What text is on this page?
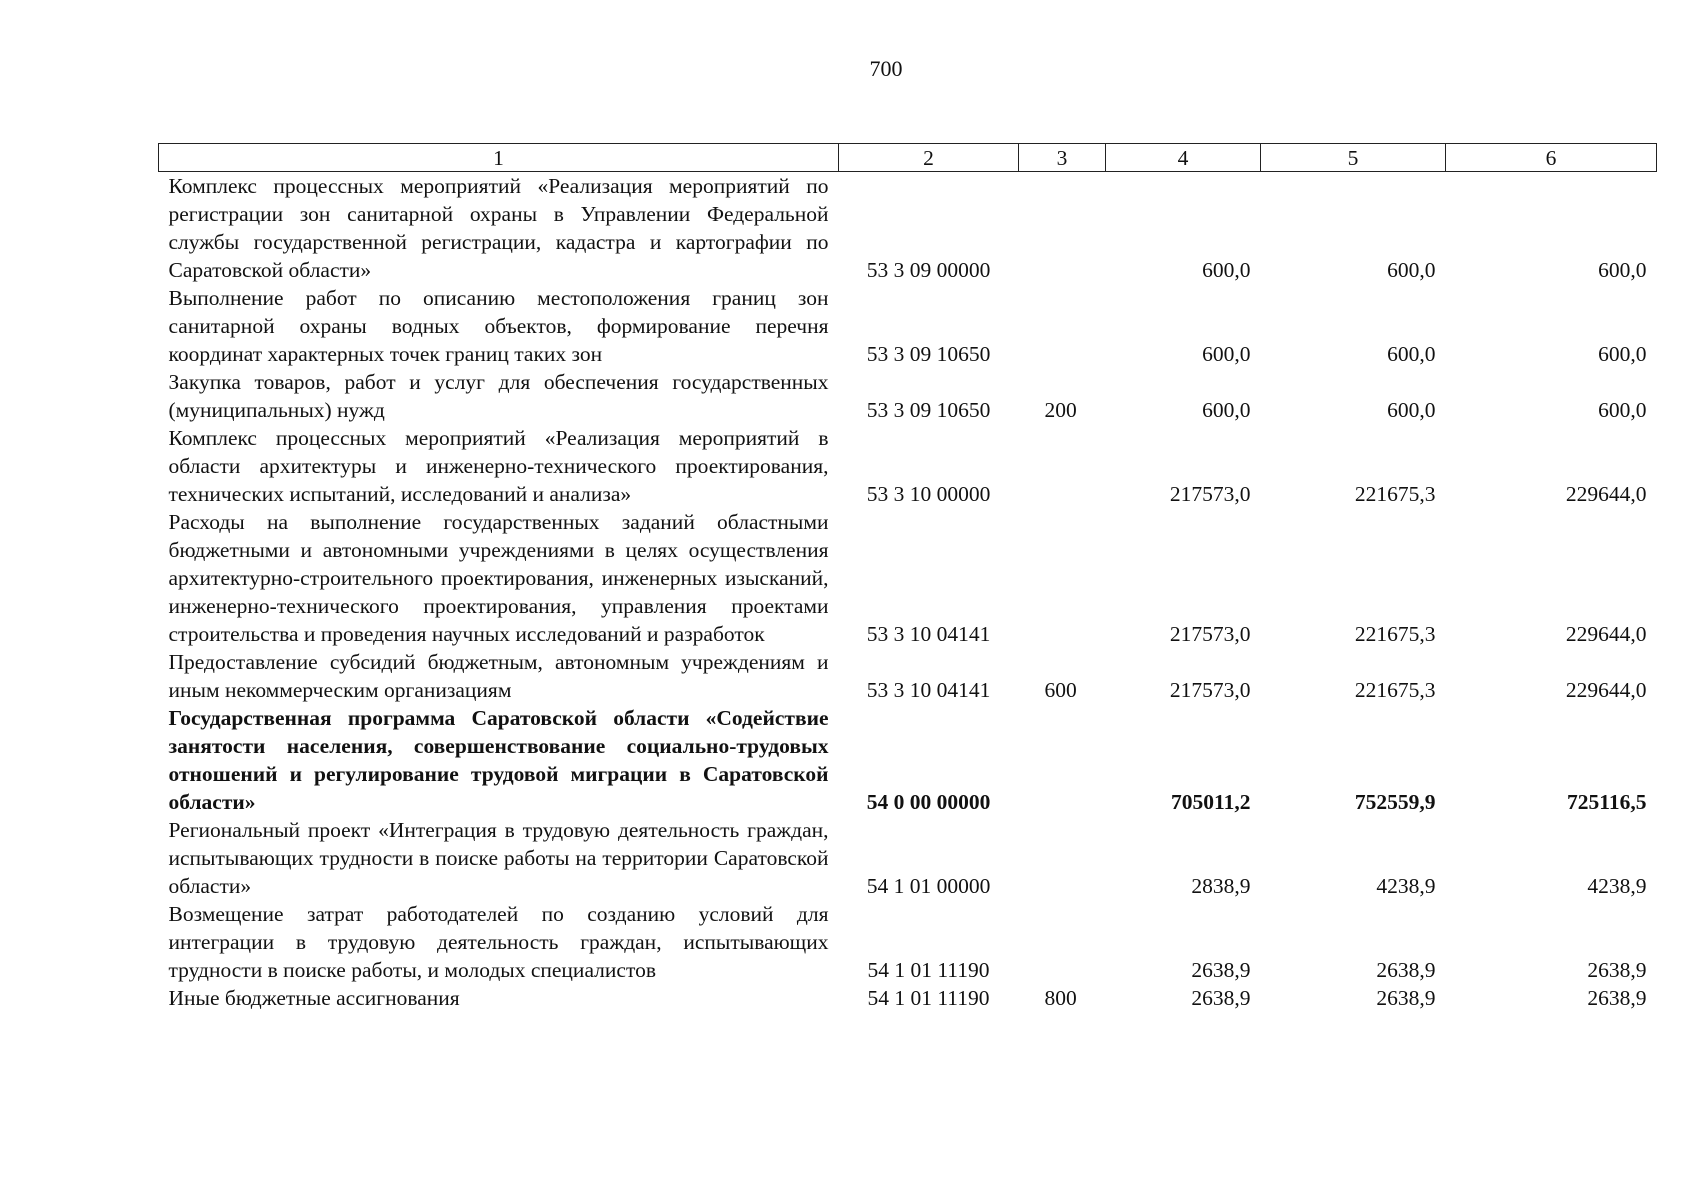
700
1	2	3	4	5	6
Комплекс процессных мероприятий «Реализация мероприятий по регистрации зон санитарной охраны в Управлении Федеральной службы государственной регистрации, кадастра и картографии по Саратовской области»	53 3 09 00000		600,0	600,0	600,0
Выполнение работ по описанию местоположения границ зон санитарной охраны водных объектов, формирование перечня координат характерных точек границ таких зон	53 3 09 10650		600,0	600,0	600,0
Закупка товаров, работ и услуг для обеспечения государственных (муниципальных) нужд	53 3 09 10650	200	600,0	600,0	600,0
Комплекс процессных мероприятий «Реализация мероприятий в области архитектуры и инженерно-технического проектирования, технических испытаний, исследований и анализа»	53 3 10 00000		217573,0	221675,3	229644,0
Расходы на выполнение государственных заданий областными бюджетными и автономными учреждениями в целях осуществления архитектурно-строительного проектирования, инженерных изысканий, инженерно-технического проектирования, управления проектами строительства и проведения научных исследований и разработок	53 3 10 04141		217573,0	221675,3	229644,0
Предоставление субсидий бюджетным, автономным учреждениям и иным некоммерческим организациям	53 3 10 04141	600	217573,0	221675,3	229644,0
Государственная программа Саратовской области «Содействие занятости населения, совершенствование социально-трудовых отношений и регулирование трудовой миграции в Саратовской области»	54 0 00 00000		705011,2	752559,9	725116,5
Региональный проект «Интеграция в трудовую деятельность граждан, испытывающих трудности в поиске работы на территории Саратовской области»	54 1 01 00000		2838,9	4238,9	4238,9
Возмещение затрат работодателей по созданию условий для интеграции в трудовую деятельность граждан, испытывающих трудности в поиске работы, и молодых специалистов	54 1 01 11190		2638,9	2638,9	2638,9
Иные бюджетные ассигнования	54 1 01 11190	800	2638,9	2638,9	2638,9
